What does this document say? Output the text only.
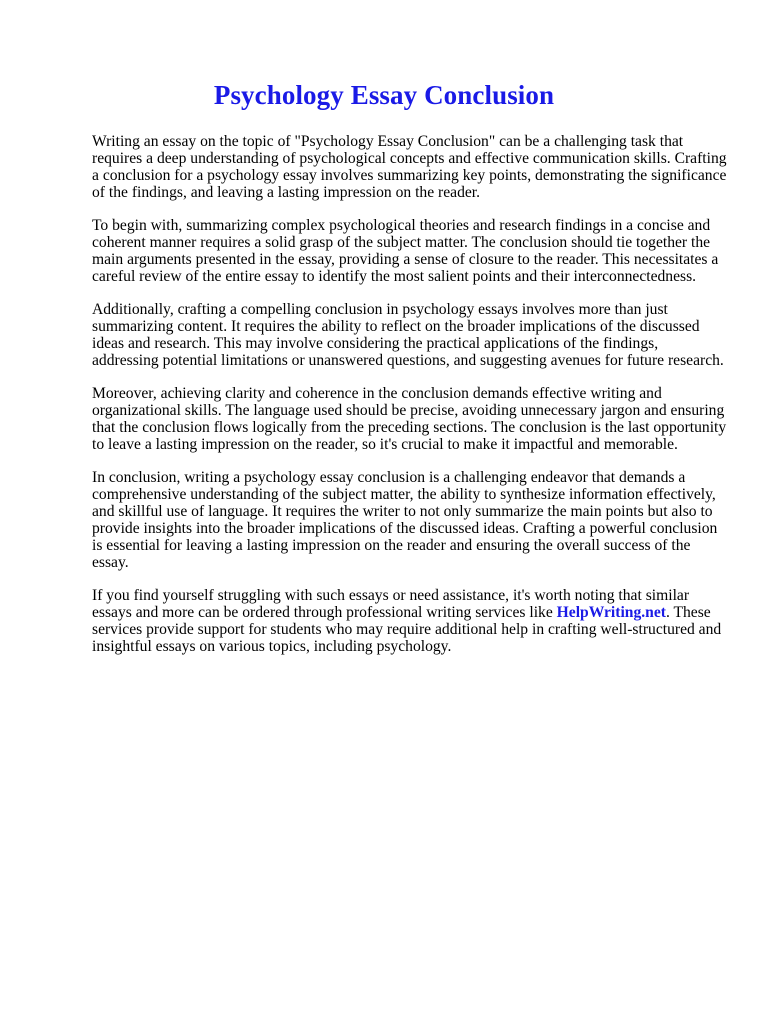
Psychology Essay Conclusion

Writing an essay on the topic of "Psychology Essay Conclusion" can be a challenging task that requires a deep understanding of psychological concepts and effective communication skills. Crafting a conclusion for a psychology essay involves summarizing key points, demonstrating the significance of the findings, and leaving a lasting impression on the reader.

To begin with, summarizing complex psychological theories and research findings in a concise and coherent manner requires a solid grasp of the subject matter. The conclusion should tie together the main arguments presented in the essay, providing a sense of closure to the reader. This necessitates a careful review of the entire essay to identify the most salient points and their interconnectedness.

Additionally, crafting a compelling conclusion in psychology essays involves more than just summarizing content. It requires the ability to reflect on the broader implications of the discussed ideas and research. This may involve considering the practical applications of the findings, addressing potential limitations or unanswered questions, and suggesting avenues for future research.

Moreover, achieving clarity and coherence in the conclusion demands effective writing and organizational skills. The language used should be precise, avoiding unnecessary jargon and ensuring that the conclusion flows logically from the preceding sections. The conclusion is the last opportunity to leave a lasting impression on the reader, so it's crucial to make it impactful and memorable.

In conclusion, writing a psychology essay conclusion is a challenging endeavor that demands a comprehensive understanding of the subject matter, the ability to synthesize information effectively, and skillful use of language. It requires the writer to not only summarize the main points but also to provide insights into the broader implications of the discussed ideas. Crafting a powerful conclusion is essential for leaving a lasting impression on the reader and ensuring the overall success of the essay.

If you find yourself struggling with such essays or need assistance, it's worth noting that similar essays and more can be ordered through professional writing services like HelpWriting.net. These services provide support for students who may require additional help in crafting well-structured and insightful essays on various topics, including psychology.
